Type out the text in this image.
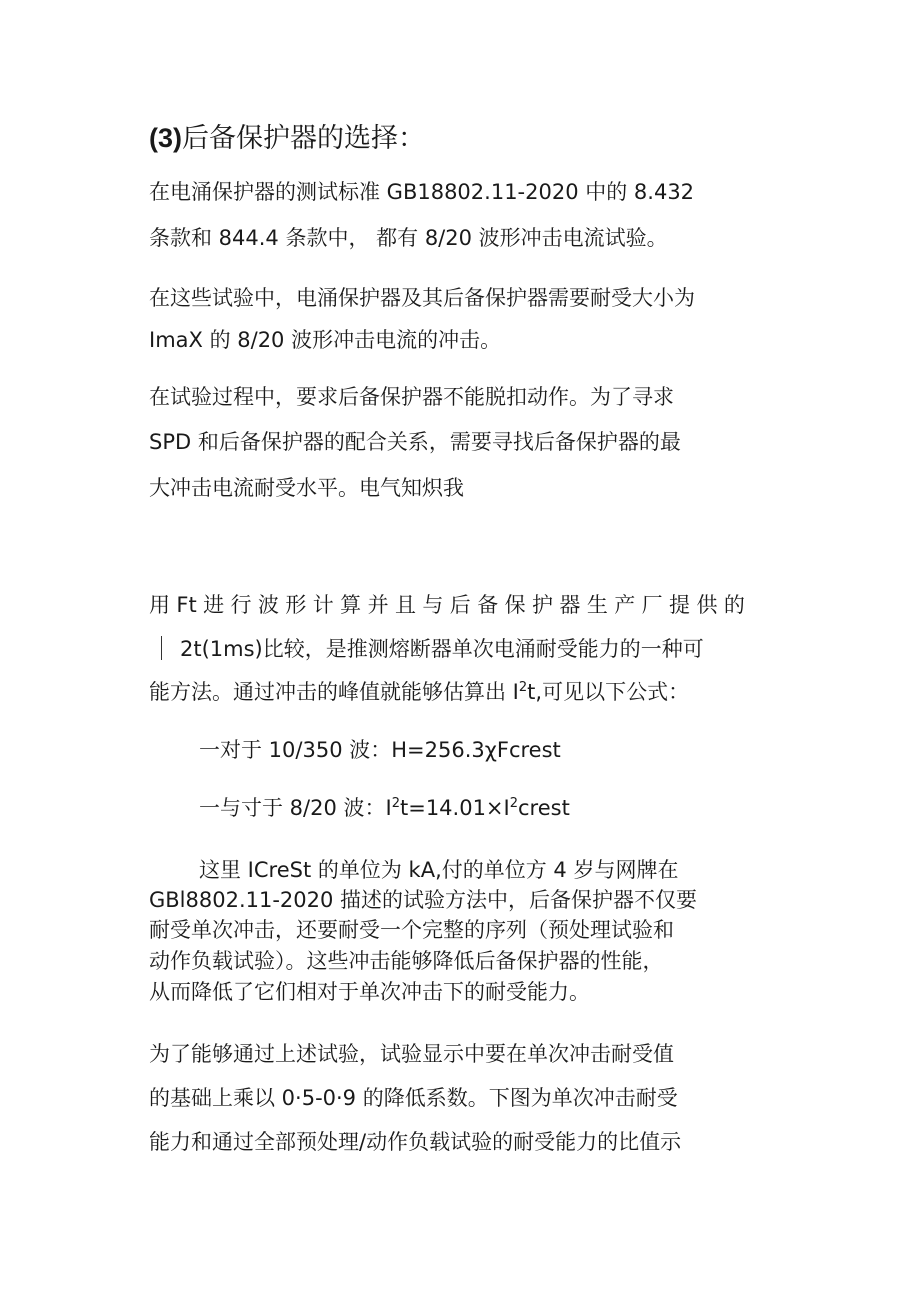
(3)后备保护器的选择：
在电涌保护器的测试标准 GB18802.11-2020 中的 8.432
条款和 844.4 条款中， 都有 8/20 波形冲击电流试验。
在这些试验中，电涌保护器及其后备保护器需要耐受大小为
ImaX 的 8/20 波形冲击电流的冲击。
在试验过程中，要求后备保护器不能脱扣动作。为了寻求
SPD 和后备保护器的配合关系，需要寻找后备保护器的最
大冲击电流耐受水平。电气知炽我
用 Ft 进 行 波 形 计 算 并 且 与 后 备 保 护 器 生 产 厂 提 供 的
2t(1ms)比较，是推测熔断器单次电涌耐受能力的一种可
能方法。通过冲击的峰值就能够估算出 $I^2t$,可见以下公式：
一对于 10/350 波：H=256.3χFcrest
一与寸于 8/20 波：$I^2t=14.01\times I^2crest$
这里 ICreSt 的单位为 kA,付的单位方 4 岁与网牌在
GBl8802.11-2020 描述的试验方法中，后备保护器不仅要
耐受单次冲击，还要耐受一个完整的序列（预处理试验和
动作负载试验）。这些冲击能够降低后备保护器的性能，
从而降低了它们相对于单次冲击下的耐受能力。
为了能够通过上述试验，试验显示中要在单次冲击耐受值
的基础上乘以 0·5-0·9 的降低系数。下图为单次冲击耐受
能力和通过全部预处理/动作负载试验的耐受能力的比值示
